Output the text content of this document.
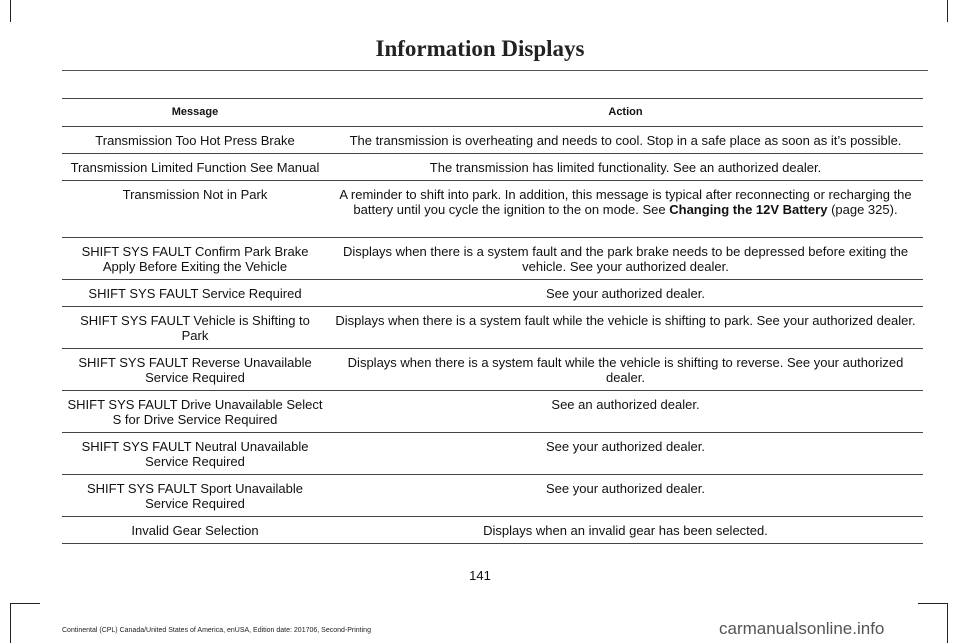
Information Displays
Message	Action
Transmission Too Hot Press Brake	The transmission is overheating and needs to cool. Stop in a safe place as soon as it’s possible.
Transmission Limited Function See Manual	The transmission has limited functionality. See an authorized dealer.
Transmission Not in Park	A reminder to shift into park. In addition, this message is typical after reconnecting or recharging the battery until you cycle the ignition to the on mode. See Changing the 12V Battery (page 325).
SHIFT SYS FAULT Confirm Park Brake Apply Before Exiting the Vehicle	Displays when there is a system fault and the park brake needs to be depressed before exiting the vehicle. See your authorized dealer.
SHIFT SYS FAULT Service Required	See your authorized dealer.
SHIFT SYS FAULT Vehicle is Shifting to Park	Displays when there is a system fault while the vehicle is shifting to park. See your authorized dealer.
SHIFT SYS FAULT Reverse Unavailable Service Required	Displays when there is a system fault while the vehicle is shifting to reverse. See your authorized dealer.
SHIFT SYS FAULT Drive Unavailable Select S for Drive Service Required	See an authorized dealer.
SHIFT SYS FAULT Neutral Unavailable Service Required	See your authorized dealer.
SHIFT SYS FAULT Sport Unavailable Service Required	See your authorized dealer.
Invalid Gear Selection	Displays when an invalid gear has been selected.
141
Continental (CPL) Canada/United States of America, enUSA, Edition date: 201706, Second-Printing	carmanualsonline.info
